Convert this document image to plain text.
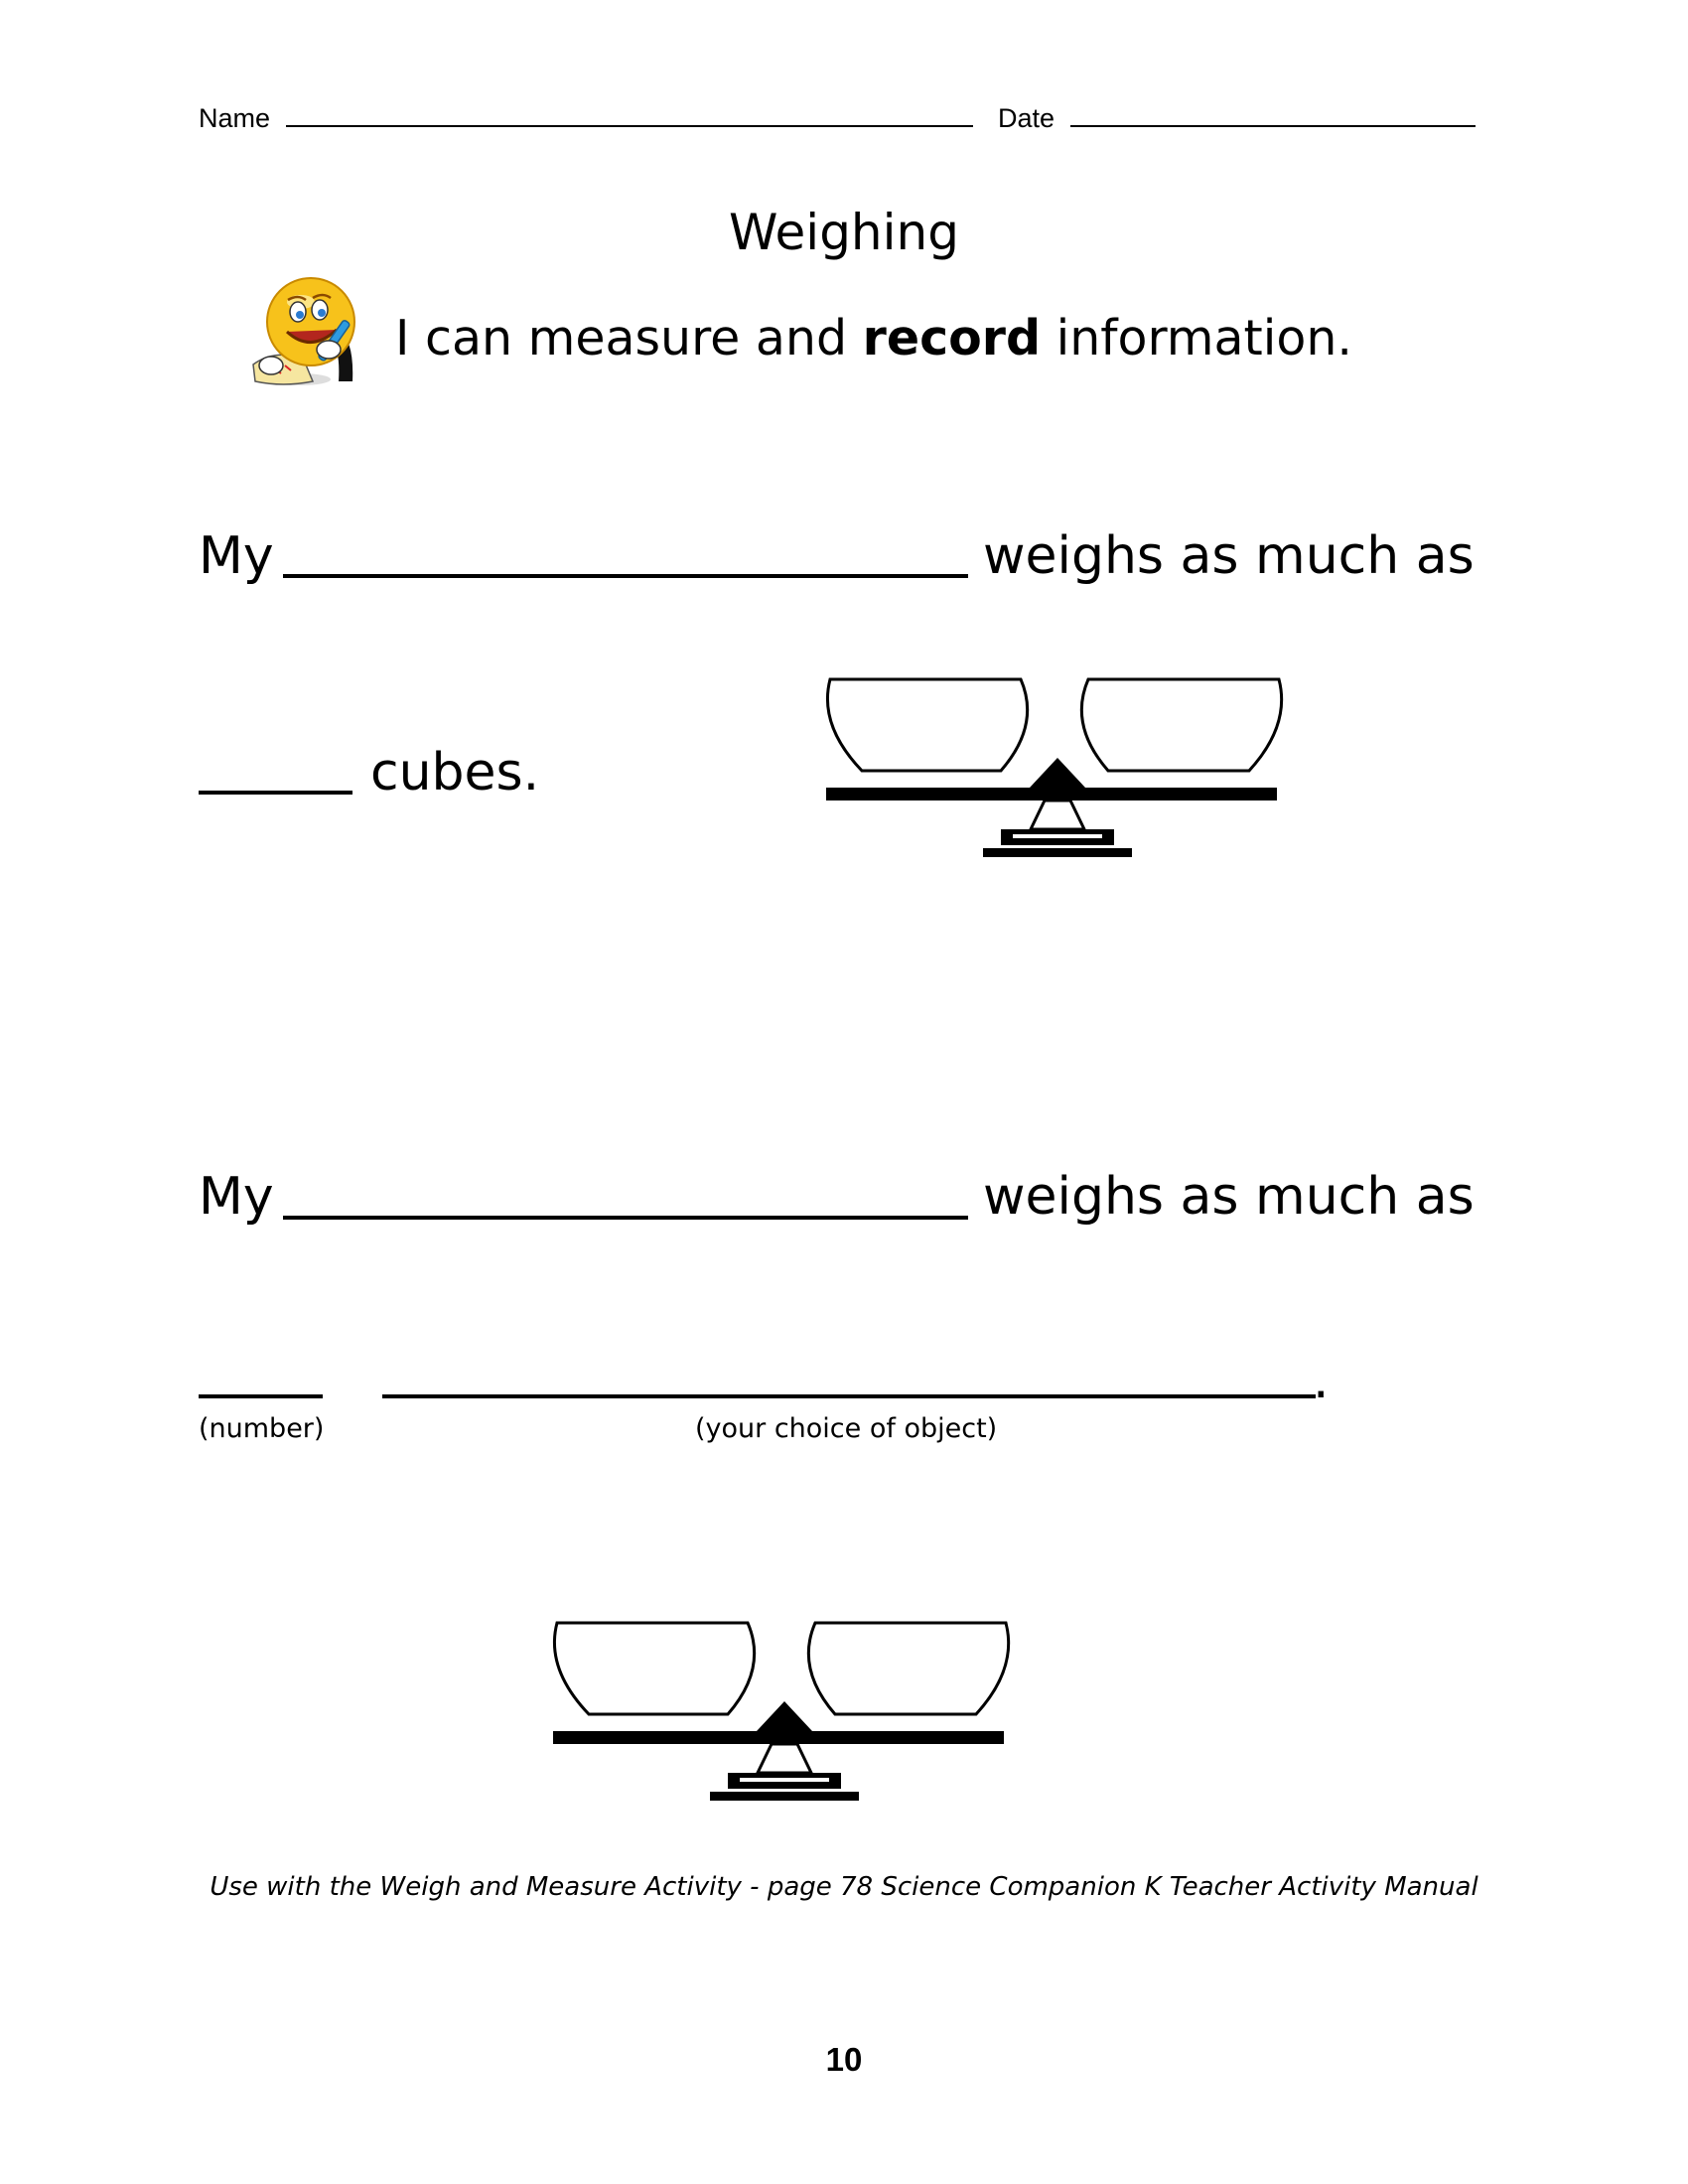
Name	Date
Weighing
I can measure and record information.
My	weighs as much as
cubes.
My	weighs as much as
.
(number)	(your choice of object)
Use with the Weigh and Measure Activity - page 78 Science Companion K Teacher Activity Manual
10
